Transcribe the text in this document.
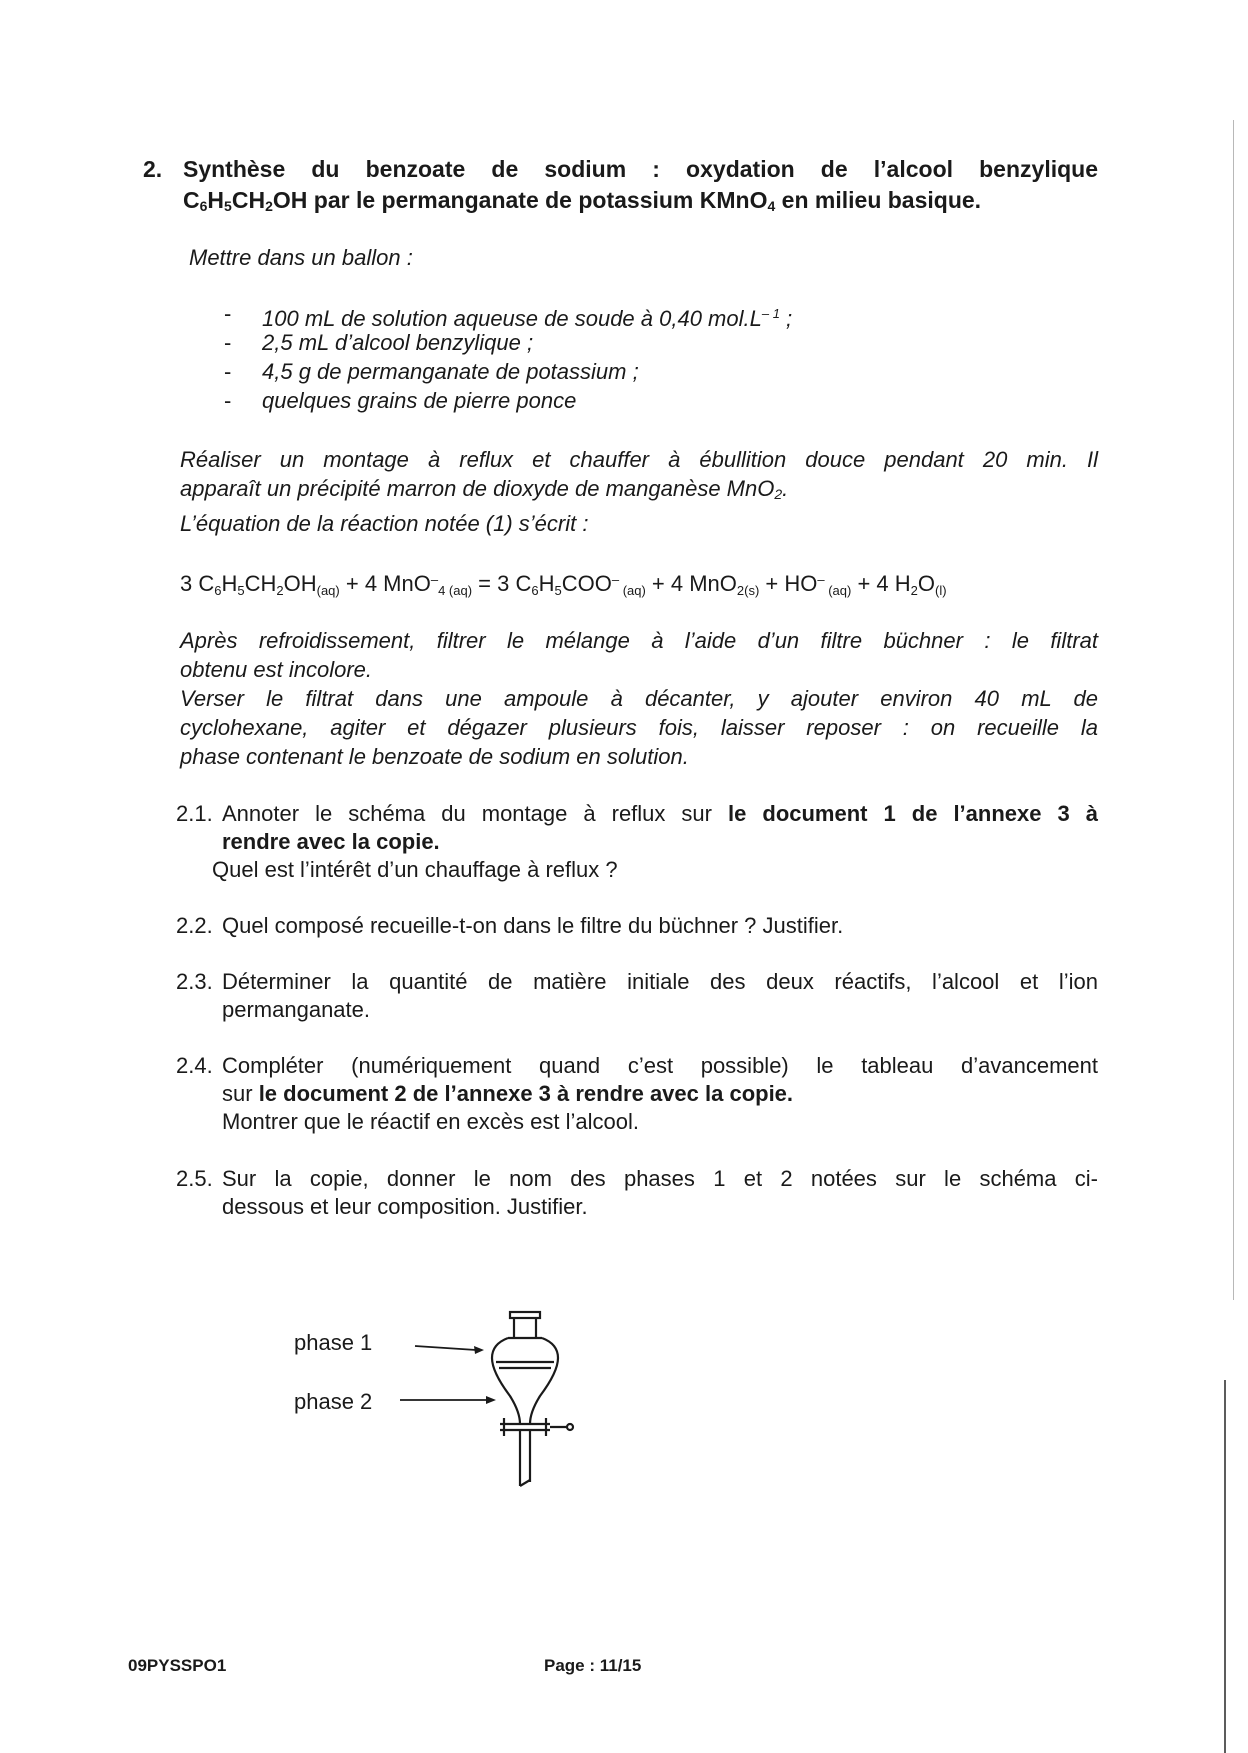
2. Synthèse du benzoate de sodium : oxydation de l’alcool benzylique
$C_6H_5CH_2OH$ par le permanganate de potassium KMnO$_4$ en milieu basique.
Mettre dans un ballon :
- 100 mL de solution aqueuse de soude à 0,40 $mol.L^{- 1}$ ;
- 2,5 mL d’alcool benzylique ;
- 4,5 g de permanganate de potassium ;
- quelques grains de pierre ponce
Réaliser un montage à reflux et chauffer à ébullition douce pendant 20 min. Il
apparaît un précipité marron de dioxyde de manganèse MnO$_2$.
L’équation de la réaction notée (1) s’écrit :
3 $C_6H_5CH_2OH_{(aq)} + 4$ MnO–$_{4 (aq)}$ = 3 $C_6H_5COO^-$ $_{(aq)}$ + 4 MnO$_{2(s)}$ + HO– $_{(aq)}$ + 4 $H_2O_{(l)}$
Après refroidissement, filtrer le mélange à l’aide d’un filtre büchner : le filtrat
obtenu est incolore.
Verser le filtrat dans une ampoule à décanter, y ajouter environ 40 mL de
cyclohexane, agiter et dégazer plusieurs fois, laisser reposer : on recueille la
phase contenant le benzoate de sodium en solution.
2.1. Annoter le schéma du montage à reflux sur le document 1 de l’annexe 3 à
rendre avec la copie.
Quel est l’intérêt d’un chauffage à reflux ?
2.2. Quel composé recueille-t-on dans le filtre du büchner ? Justifier.
2.3. Déterminer la quantité de matière initiale des deux réactifs, l’alcool et l’ion
permanganate.
2.4. Compléter (numériquement quand c’est possible) le tableau d’avancement
sur le document 2 de l’annexe 3 à rendre avec la copie.
Montrer que le réactif en excès est l’alcool.
2.5. Sur la copie, donner le nom des phases 1 et 2 notées sur le schéma ci-
dessous et leur composition. Justifier.
phase 1
phase 2
09PYSSPO1	Page : 11/15
